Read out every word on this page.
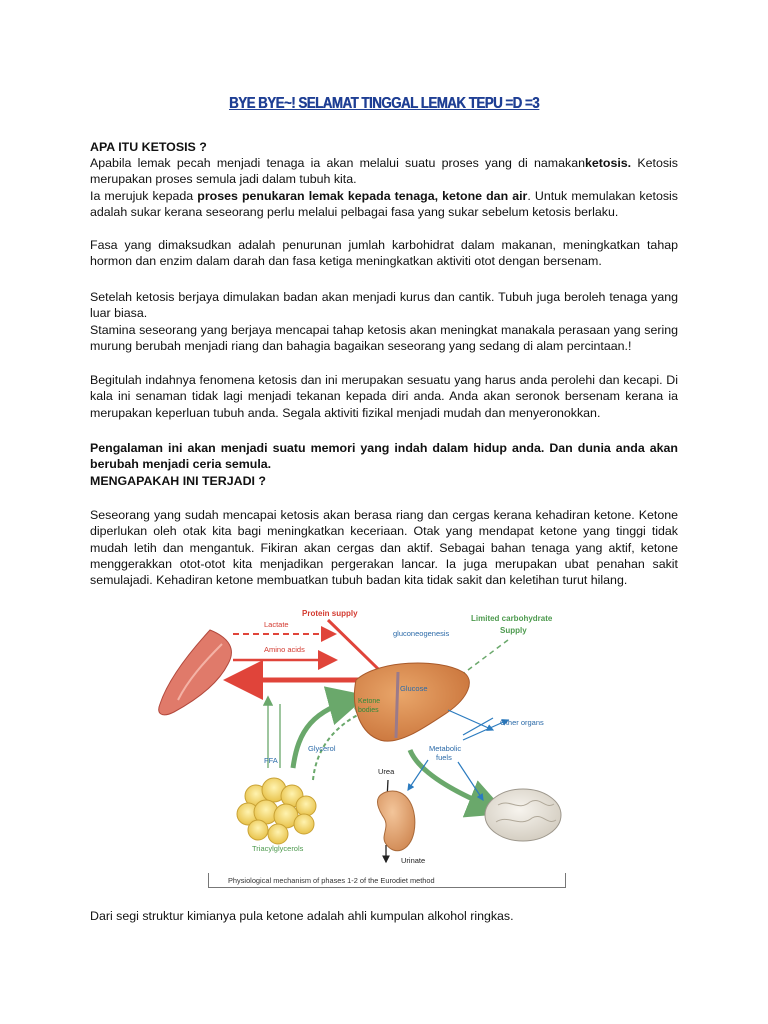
BYE BYE~! SELAMAT TINGGAL LEMAK TEPU =D =3
APA ITU KETOSIS ?

Apabila lemak pecah menjadi tenaga ia akan melalui suatu proses yang di namakanketosis. Ketosis merupakan proses semula jadi dalam tubuh kita.

Ia merujuk kepada proses penukaran lemak kepada tenaga, ketone dan air. Untuk memulakan ketosis adalah sukar kerana seseorang perlu melalui pelbagai fasa yang sukar sebelum ketosis berlaku.

Fasa yang dimaksudkan adalah penurunan jumlah karbohidrat dalam makanan, meningkatkan tahap hormon dan enzim dalam darah dan fasa ketiga meningkatkan aktiviti otot dengan bersenam.

Setelah ketosis berjaya dimulakan badan akan menjadi kurus dan cantik. Tubuh juga beroleh tenaga yang luar biasa.

Stamina seseorang yang berjaya mencapai tahap ketosis akan meningkat manakala perasaan yang sering murung berubah menjadi riang dan bahagia bagaikan seseorang yang sedang di alam percintaan.!

Begitulah indahnya fenomena ketosis dan ini merupakan sesuatu yang harus anda perolehi dan kecapi. Di kala ini senaman tidak lagi menjadi tekanan kepada diri anda. Anda akan seronok bersenam kerana ia merupakan keperluan tubuh anda. Segala aktiviti fizikal menjadi mudah dan menyeronokkan.

Pengalaman ini akan menjadi suatu memori yang indah dalam hidup anda. Dan dunia anda akan berubah menjadi ceria semula.

MENGAPAKAH INI TERJADI ?

Seseorang yang sudah mencapai ketosis akan berasa riang dan cergas kerana kehadiran ketone. Ketone diperlukan oleh otak kita bagi meningkatkan keceriaan. Otak yang mendapat ketone yang tinggi tidak mudah letih dan mengantuk. Fikiran akan cergas dan aktif. Sebagai bahan tenaga yang aktif, ketone menggerakkan otot-otot kita menjadikan pergerakan lancar. Ia juga merupakan ubat penahan sakit semulajadi. Kehadiran ketone membuatkan tubuh badan kita tidak sakit dan keletihan turut hilang.

Dari segi struktur kimianya pula ketone adalah ahli kumpulan alkohol ringkas.

Protein supply
Lactate
Amino acids
gluconeogenesis
Limited carbohydrate
Supply
Glucose
Ketone
bodies
Other organs
Glycerol
FFA
Metabolic
fuels
Urea
Urinate
Triacylglycerols
Physiological mechanism of phases 1-2 of the Eurodiet method
